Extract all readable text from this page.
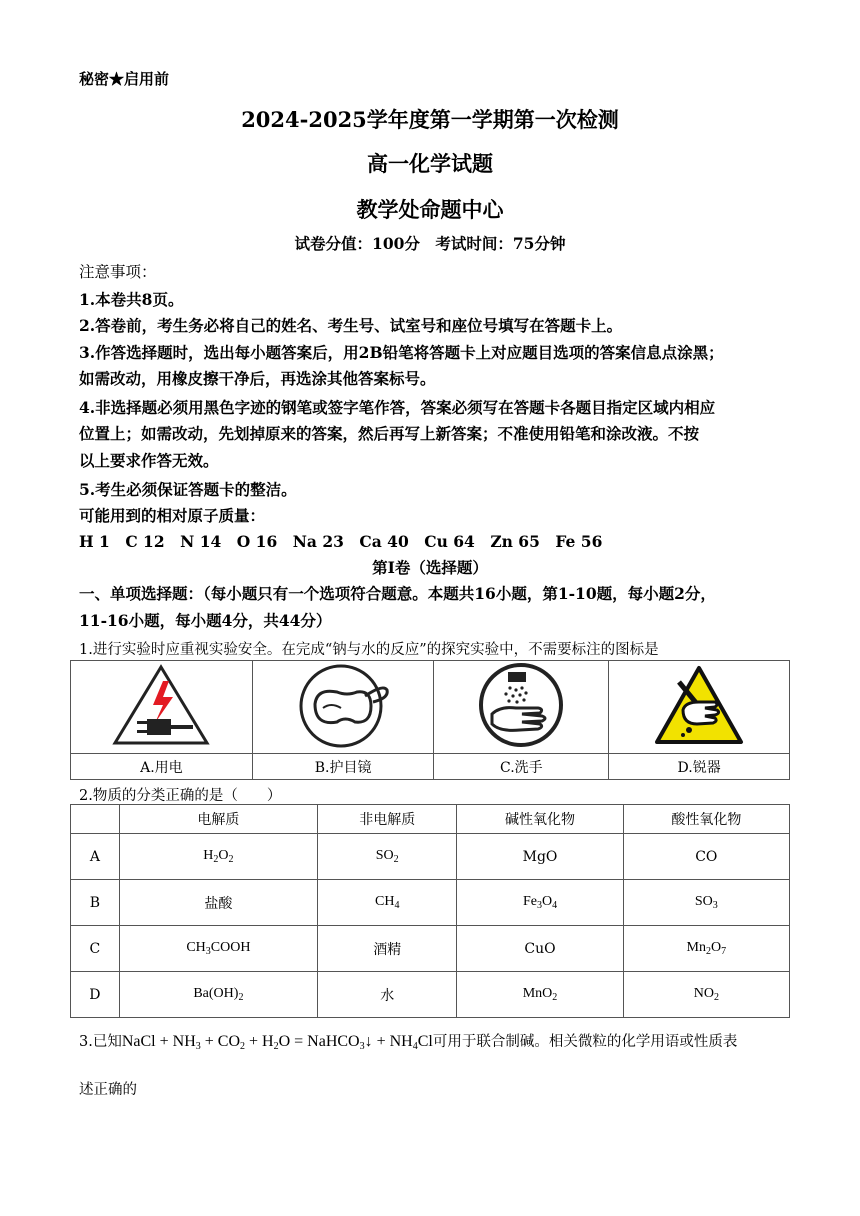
秘密★启用前
2024-2025学年度第一学期第一次检测
高一化学试题
教学处命题中心
试卷分值：100分　考试时间：75分钟
注意事项：
1.本卷共8页。
2.答卷前，考生务必将自己的姓名、考生号、试室号和座位号填写在答题卡上。
3.作答选择题时，选出每小题答案后，用2B铅笔将答题卡上对应题目选项的答案信息点涂黑；
如需改动，用橡皮擦干净后，再选涂其他答案标号。
4.非选择题必须用黑色字迹的钢笔或签字笔作答，答案必须写在答题卡各题目指定区域内相应
位置上；如需改动，先划掉原来的答案，然后再写上新答案；不准使用铅笔和涂改液。不按
以上要求作答无效。
5.考生必须保证答题卡的整洁。
可能用到的相对原子质量：
H 1　C 12　N 14　O 16　Na 23　Ca 40　Cu 64　Zn 65　Fe 56
第I卷（选择题）
一、单项选择题：（每小题只有一个选项符合题意。本题共16小题，第1-10题，每小题2分，
11-16小题，每小题4分，共44分）
1.进行实验时应重视实验安全。在完成“钠与水的反应”的探究实验中，不需要标注的图标是

A.用电	B.护目镜	C.洗手	D.锐器
2.物质的分类正确的是（　　）
	电解质	非电解质	碱性氧化物	酸性氧化物
A	$H_2O_2$	$SO_2$	MgO	CO
B	盐酸	$CH_4$	$Fe_3O_4$	$SO_3$
C	$CH_3COOH$	酒精	CuO	$Mn_2O_7$
D	$Ba(OH)_2$	水	MnO$_2$	$NO_2$
3.已知NaCl + $NH_3 + CO_2 + H_2O$ = NaHCO$_3$↓ + $NH_4Cl$可用于联合制碱。相关微粒的化学用语或性质表
述正确的
